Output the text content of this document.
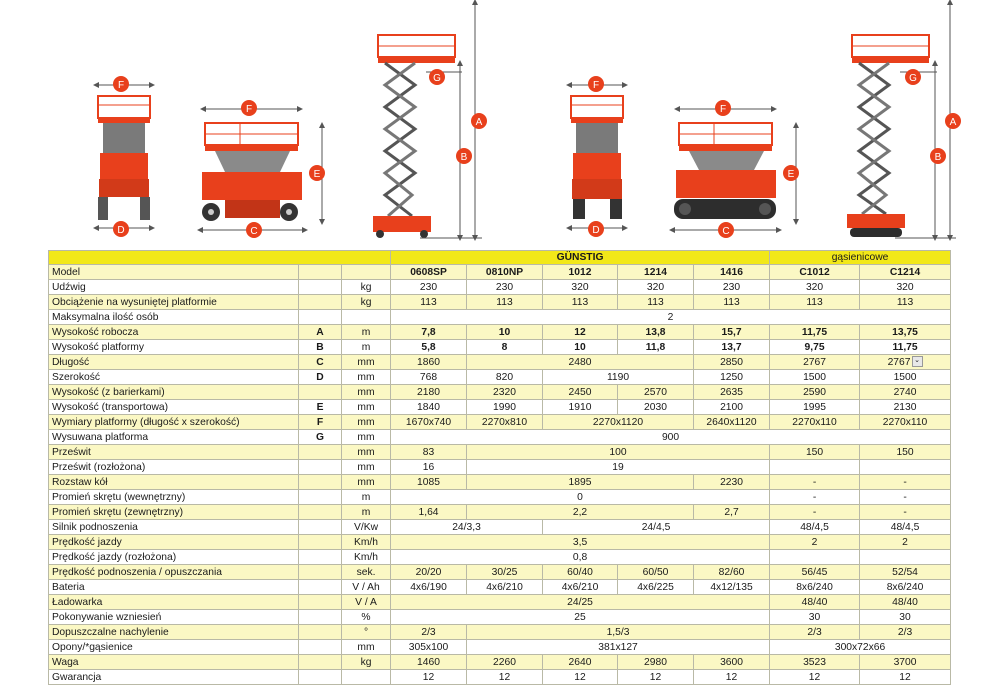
F
D
F
C
E
G
A
B
F
D
F
C
E
G
A
B
			GÜNSTIG					gąsienicowe	
Model			0608SP	0810NP	1012	1214	1416	C1012	C1214
Udźwig		kg	230	230	320	320	230	320	320
Obciążenie na wysuniętej platformie		kg	113	113	113	113	113	113	113
Maksymalna ilość osób			2						
Wysokość robocza	A	m	7,8	10	12	13,8	15,7	11,75	13,75
Wysokość platformy	B	m	5,8	8	10	11,8	13,7	9,75	11,75
Długość	C	mm	1860	2480			2850	2767	2767 ⌄
Szerokość	D	mm	768	820	1190		1250	1500	1500
Wysokość (z barierkami)		mm	2180	2320	2450	2570	2635	2590	2740
Wysokość (transportowa)	E	mm	1840	1990	1910	2030	2100	1995	2130
Wymiary platformy (długość x szerokość)	F	mm	1670x740	2270x810	2270x1120		2640x1120	2270x110	2270x110
Wysuwana platforma	G	mm	900						
Prześwit		mm	83	100				150	150
Prześwit (rozłożona)		mm	16	19					
Rozstaw kół		mm	1085	1895			2230	-	-
Promień skrętu (wewnętrzny)		m	0					-	-
Promień skrętu (zewnętrzny)		m	1,64	2,2			2,7	-	-
Silnik podnoszenia		V/Kw	24/3,3		24/4,5			48/4,5	48/4,5
Prędkość jazdy		Km/h	3,5					2	2
Prędkość jazdy (rozłożona)		Km/h	0,8						
Prędkość podnoszenia / opuszczania		sek.	20/20	30/25	60/40	60/50	82/60	56/45	52/54
Bateria		V / Ah	4x6/190	4x6/210	4x6/210	4x6/225	4x12/135	8x6/240	8x6/240
Ładowarka		V / A	24/25					48/40	48/40
Pokonywanie wzniesień		%	25					30	30
Dopuszczalne nachylenie		°	2/3	1,5/3				2/3	2/3
Opony/*gąsienice		mm	305x100	381x127				300x72x66	
Waga		kg	1460	2260	2640	2980	3600	3523	3700
Gwarancja			12	12	12	12	12	12	12
